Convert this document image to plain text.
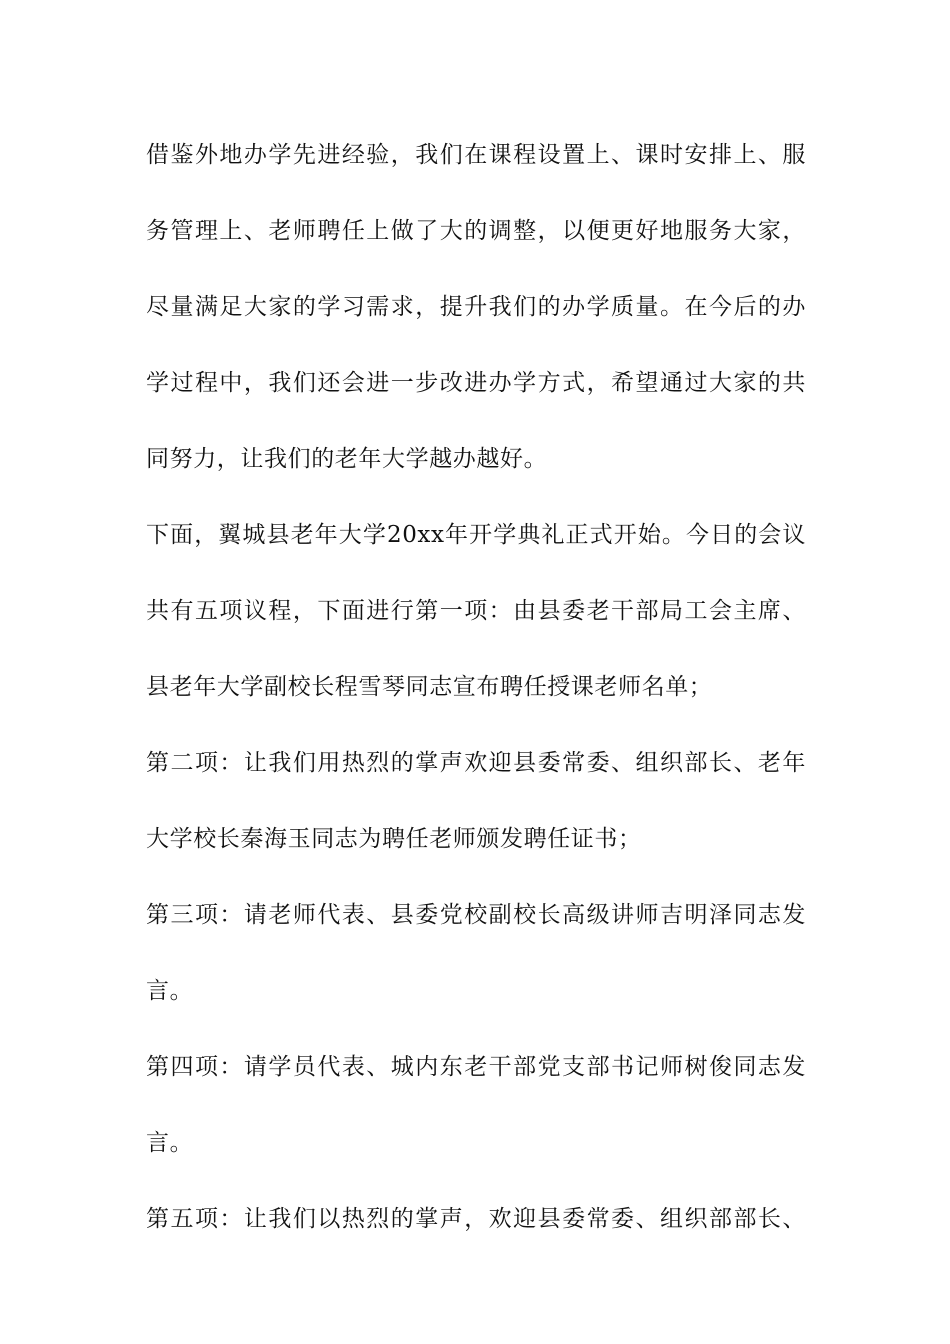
借鉴外地办学先进经验，我们在课程设置上、课时安排上、服
务管理上、老师聘任上做了大的调整，以便更好地服务大家，
尽量满足大家的学习需求，提升我们的办学质量。在今后的办
学过程中，我们还会进一步改进办学方式，希望通过大家的共
同努力，让我们的老年大学越办越好。
下面，翼城县老年大学20xx年开学典礼正式开始。今日的会议
共有五项议程，下面进行第一项：由县委老干部局工会主席、
县老年大学副校长程雪琴同志宣布聘任授课老师名单；
第二项：让我们用热烈的掌声欢迎县委常委、组织部长、老年
大学校长秦海玉同志为聘任老师颁发聘任证书；
第三项：请老师代表、县委党校副校长高级讲师吉明泽同志发
言。
第四项：请学员代表、城内东老干部党支部书记师树俊同志发
言。
第五项：让我们以热烈的掌声，欢迎县委常委、组织部部长、
